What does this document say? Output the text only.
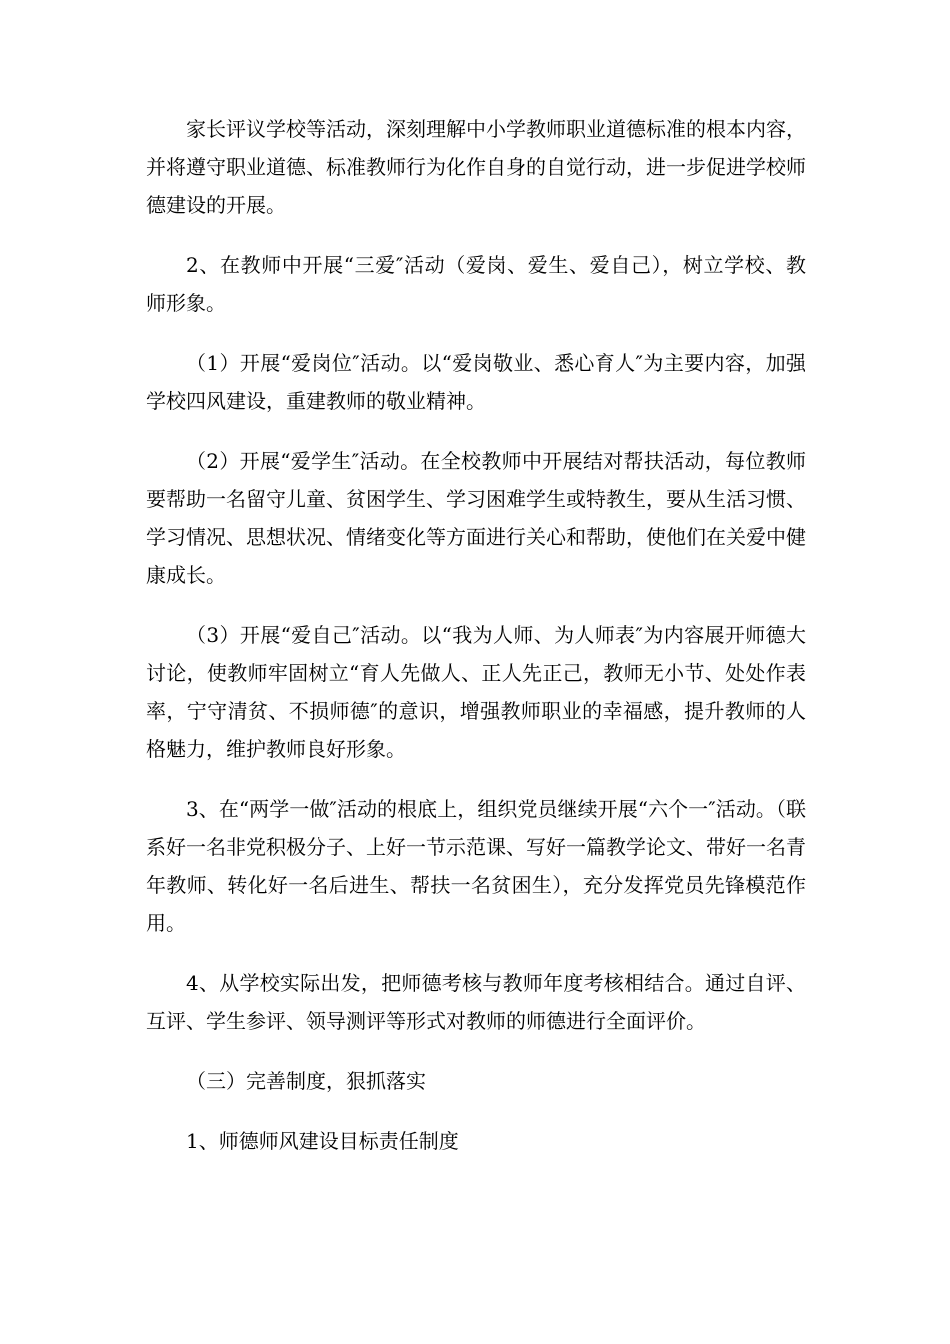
家长评议学校等活动，深刻理解中小学教师职业道德标准的根本内容，并将遵守职业道德、标准教师行为化作自身的自觉行动，进一步促进学校师德建设的开展。

2、在教师中开展“三爱″活动（爱岗、爱生、爱自己），树立学校、教师形象。

（1）开展“爱岗位″活动。以“爱岗敬业、悉心育人″为主要内容，加强学校四风建设，重建教师的敬业精神。

（2）开展“爱学生″活动。在全校教师中开展结对帮扶活动，每位教师要帮助一名留守儿童、贫困学生、学习困难学生或特教生，要从生活习惯、学习情况、思想状况、情绪变化等方面进行关心和帮助，使他们在关爱中健康成长。

（3）开展“爱自己″活动。以“我为人师、为人师表″为内容展开师德大讨论，使教师牢固树立“育人先做人、正人先正己，教师无小节、处处作表率，宁守清贫、不损师德″的意识，增强教师职业的幸福感，提升教师的人格魅力，维护教师良好形象。

3、在“两学一做″活动的根底上，组织党员继续开展“六个一″活动。（联系好一名非党积极分子、上好一节示范课、写好一篇教学论文、带好一名青年教师、转化好一名后进生、帮扶一名贫困生），充分发挥党员先锋模范作用。

4、从学校实际出发，把师德考核与教师年度考核相结合。通过自评、互评、学生参评、领导测评等形式对教师的师德进行全面评价。

（三）完善制度，狠抓落实

1、师德师风建设目标责任制度
